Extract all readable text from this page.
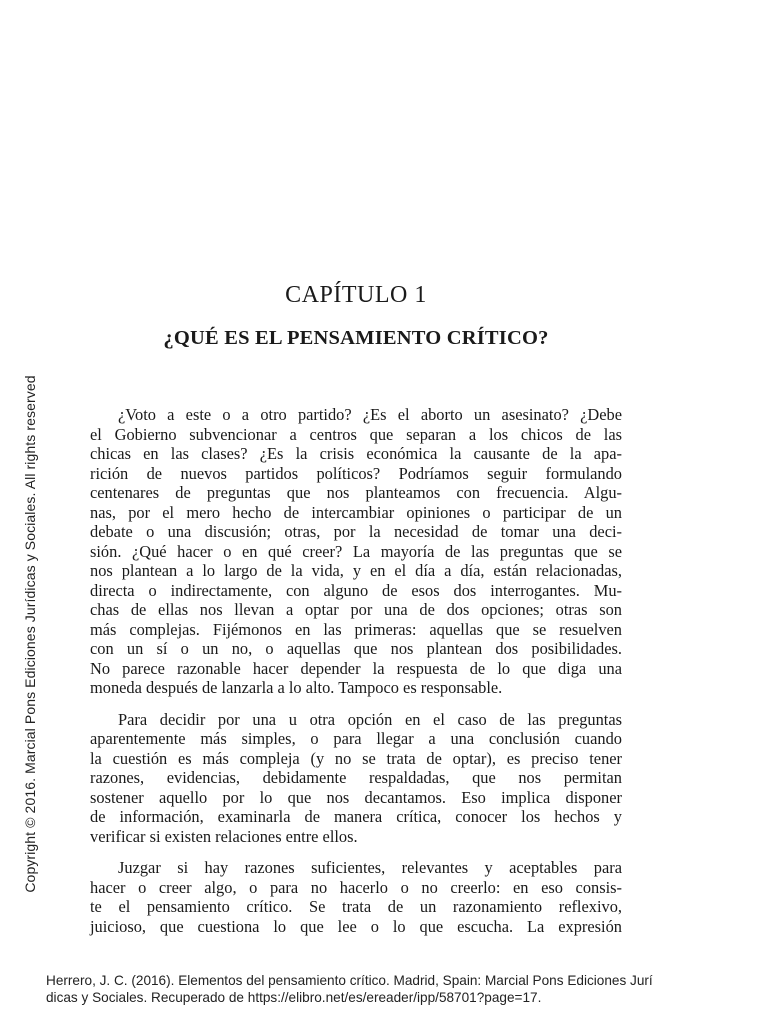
Copyright © 2016. Marcial Pons Ediciones Jurídicas y Sociales. All rights reserved
CAPÍTULO 1
¿QUÉ ES EL PENSAMIENTO CRÍTICO?
¿Voto a este o a otro partido? ¿Es el aborto un asesinato? ¿Debe
el Gobierno subvencionar a centros que separan a los chicos de las
chicas en las clases? ¿Es la crisis económica la causante de la apa-
rición de nuevos partidos políticos? Podríamos seguir formulando
centenares de preguntas que nos planteamos con frecuencia. Algu-
nas, por el mero hecho de intercambiar opiniones o participar de un
debate o una discusión; otras, por la necesidad de tomar una deci-
sión. ¿Qué hacer o en qué creer? La mayoría de las preguntas que se
nos plantean a lo largo de la vida, y en el día a día, están relacionadas,
directa o indirectamente, con alguno de esos dos interrogantes. Mu-
chas de ellas nos llevan a optar por una de dos opciones; otras son
más complejas. Fijémonos en las primeras: aquellas que se resuelven
con un sí o un no, o aquellas que nos plantean dos posibilidades.
No parece razonable hacer depender la respuesta de lo que diga una
moneda después de lanzarla a lo alto. Tampoco es responsable.
Para decidir por una u otra opción en el caso de las preguntas
aparentemente más simples, o para llegar a una conclusión cuando
la cuestión es más compleja (y no se trata de optar), es preciso tener
razones, evidencias, debidamente respaldadas, que nos permitan
sostener aquello por lo que nos decantamos. Eso implica disponer
de información, examinarla de manera crítica, conocer los hechos y
verificar si existen relaciones entre ellos.
Juzgar si hay razones suficientes, relevantes y aceptables para
hacer o creer algo, o para no hacerlo o no creerlo: en eso consis-
te el pensamiento crítico. Se trata de un razonamiento reflexivo,
juicioso, que cuestiona lo que lee o lo que escucha. La expresión
Herrero, J. C. (2016). Elementos del pensamiento crítico. Madrid, Spain: Marcial Pons Ediciones Jurí
dicas y Sociales. Recuperado de https://elibro.net/es/ereader/ipp/58701?page=17.
